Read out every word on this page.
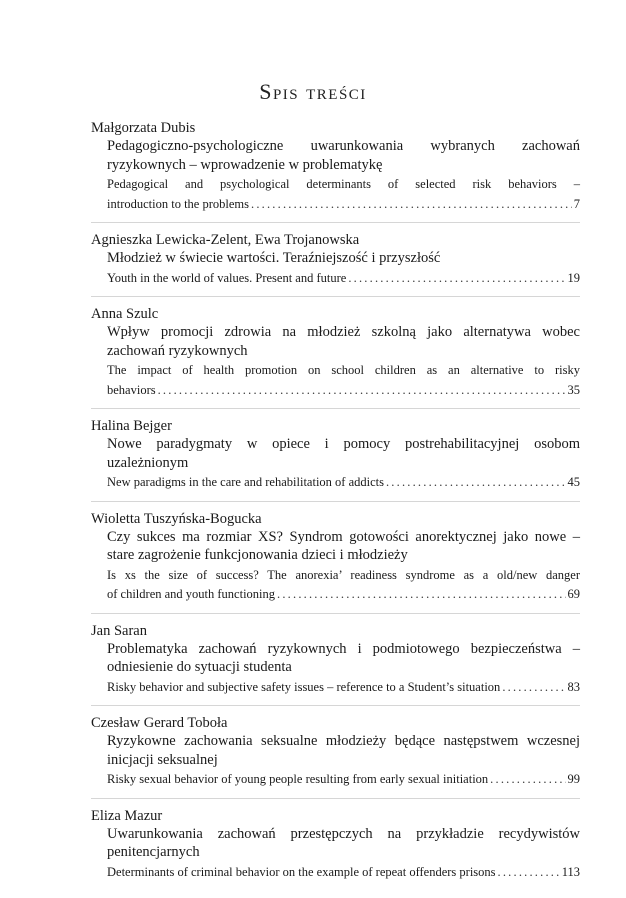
Spis treści
Małgorzata Dubis
Pedagogiczno-psychologiczne uwarunkowania wybranych zachowań ryzykownych – wprowadzenie w problematykę
Pedagogical and psychological determinants of selected risk behaviors –
introduction to the problems .....	7
Agnieszka Lewicka-Zelent, Ewa Trojanowska
Młodzież w świecie wartości. Teraźniejszość i przyszłość
Youth in the world of values. Present and future .....	19
Anna Szulc
Wpływ promocji zdrowia na młodzież szkolną jako alternatywa wobec zachowań ryzykownych
The impact of health promotion on school children as an alternative to risky
behaviors .....	35
Halina Bejger
Nowe paradygmaty w opiece i pomocy postrehabilitacyjnej osobom uzależnionym
New paradigms in the care and rehabilitation of addicts .....	45
Wioletta Tuszyńska-Bogucka
Czy sukces ma rozmiar XS? Syndrom gotowości anorektycznej jako nowe – stare zagrożenie funkcjonowania dzieci i młodzieży
Is xs the size of success? The anorexia’ readiness syndrome as a old/new danger
of children and youth functioning .....	69
Jan Saran
Problematyka zachowań ryzykownych i podmiotowego bezpieczeństwa – odniesienie do sytuacji studenta
Risky behavior and subjective safety issues – reference to a Student’s situation .....	83
Czesław Gerard Toboła
Ryzykowne zachowania seksualne młodzieży będące następstwem wczesnej inicjacji seksualnej
Risky sexual behavior of young people resulting from early sexual initiation .....	99
Eliza Mazur
Uwarunkowania zachowań przestępczych na przykładzie recydywistów penitencjarnych
Determinants of criminal behavior on the example of repeat offenders prisons .....	113
